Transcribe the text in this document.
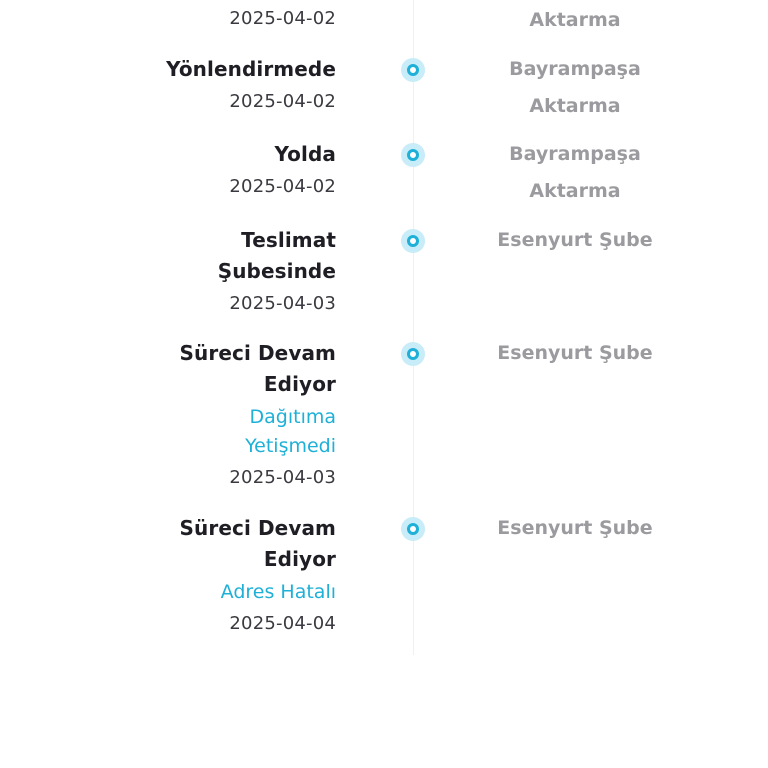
2025-04-02	Aktarma
Yönlendirmede
2025-04-02
Bayrampaşa Aktarma
Yolda
2025-04-02
Bayrampaşa Aktarma
Teslimat Şubesinde
2025-04-03
Esenyurt Şube
Süreci Devam Ediyor
Dağıtıma Yetişmedi
2025-04-03
Esenyurt Şube
Süreci Devam Ediyor
Adres Hatalı
2025-04-04
Esenyurt Şube
